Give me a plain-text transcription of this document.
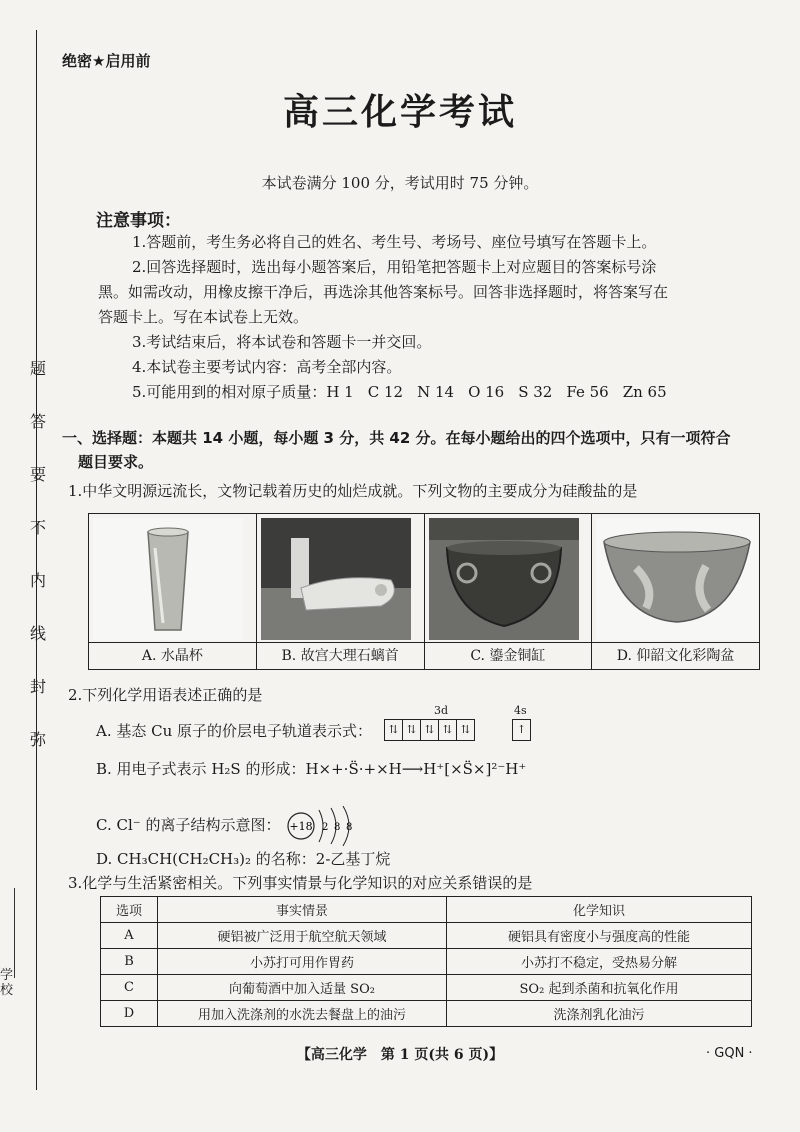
题
答
要
不
内
线
封
弥
学校
绝密★启用前
高三化学考试
本试卷满分 100 分，考试用时 75 分钟。
注意事项：

1.答题前，考生务必将自己的姓名、考生号、考场号、座位号填写在答题卡上。

2.回答选择题时，选出每小题答案后，用铅笔把答题卡上对应题目的答案标号涂

黑。如需改动，用橡皮擦干净后，再选涂其他答案标号。回答非选择题时，将答案写在

答题卡上。写在本试卷上无效。

3.考试结束后，将本试卷和答题卡一并交回。

4.本试卷主要考试内容：高考全部内容。

5.可能用到的相对原子质量：H 1 C 12 N 14 O 16 S 32 Fe 56 Zn 65

一、选择题：本题共 14 小题，每小题 3 分，共 42 分。在每小题给出的四个选项中，只有一项符合
题目要求。
1.中华文明源远流长，文物记载着历史的灿烂成就。下列文物的主要成分为硅酸盐的是
A. 水晶杯	B. 故宫大理石螭首	C. 鎏金铜缸	D. 仰韶文化彩陶盆
2.下列化学用语表述正确的是
A. 基态 Cu 原子的价层电子轨道表示式：
3d
⇅ ⇅ ⇅ ⇅ ⇅
4s
↑
B. 用电子式表示 H₂S 的形成：H×+·S̈·+×H⟶H⁺[×S̈×]²⁻H⁺
C. Cl⁻ 的离子结构示意图： +18 2 8 8
D. CH₃CH(CH₂CH₃)₂ 的名称：2-乙基丁烷
3.化学与生活紧密相关。下列事实情景与化学知识的对应关系错误的是
选项	事实情景	化学知识
A	硬铝被广泛用于航空航天领域	硬铝具有密度小与强度高的性能
B	小苏打可用作胃药	小苏打不稳定，受热易分解
C	向葡萄酒中加入适量 SO₂	SO₂ 起到杀菌和抗氧化作用
D	用加入洗涤剂的水洗去餐盘上的油污	洗涤剂乳化油污
【高三化学　第 1 页(共 6 页)】	· GQN ·
